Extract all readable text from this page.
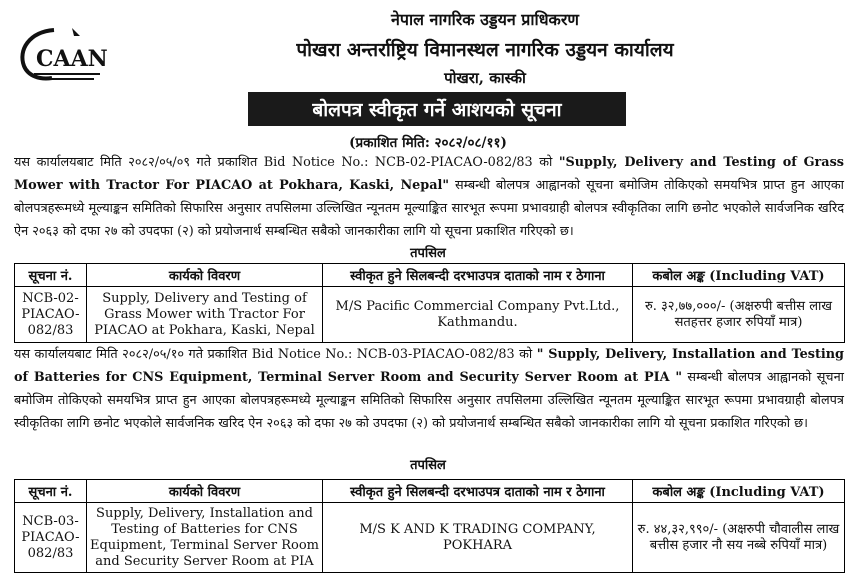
CAAN
नेपाल नागरिक उड्डयन प्राधिकरण
पोखरा अन्तर्राष्ट्रिय विमानस्थल नागरिक उड्डयन कार्यालय
पोखरा, कास्की
बोलपत्र स्वीकृत गर्ने आशयको सूचना
(प्रकाशित मिति: २०८२/०८/११)

यस कार्यालयबाट मिति २०८२/०५/०९ गते प्रकाशित Bid Notice No.: NCB-02-PIACAO-082/83 को "Supply, Delivery and Testing of Grass Mower with Tractor For PIACAO at Pokhara, Kaski, Nepal" सम्बन्धी बोलपत्र आह्वानको सूचना बमोजिम तोकिएको समयभित्र प्राप्त हुन आएका बोलपत्रहरूमध्ये मूल्याङ्कन समितिको सिफारिस अनुसार तपसिलमा उल्लिखित न्यूनतम मूल्याङ्कित सारभूत रूपमा प्रभावग्राही बोलपत्र स्वीकृतिका लागि छनोट भएकोले सार्वजनिक खरिद ऐन २०६३ को दफा २७ को उपदफा (२) को प्रयोजनार्थ सम्बन्धित सबैको जानकारीका लागि यो सूचना प्रकाशित गरिएको छ।

तपसिल
सूचना नं.	कार्यको विवरण	स्वीकृत हुने सिलबन्दी दरभाउपत्र दाताको नाम र ठेगाना	कबोल अङ्क (Including VAT)
NCB-02-PIACAO-082/83	Supply, Delivery and Testing of Grass Mower with Tractor For PIACAO at Pokhara, Kaski, Nepal	M/S Pacific Commercial Company Pvt.Ltd., Kathmandu.	रु. ३२,७७,०००/- (अक्षरुपी बत्तीस लाख सतहत्तर हजार रुपियाँ मात्र)

यस कार्यालयबाट मिति २०८२/०५/१० गते प्रकाशित Bid Notice No.: NCB-03-PIACAO-082/83 को " Supply, Delivery, Installation and Testing of Batteries for CNS Equipment, Terminal Server Room and Security Server Room at PIA " सम्बन्धी बोलपत्र आह्वानको सूचना बमोजिम तोकिएको समयभित्र प्राप्त हुन आएका बोलपत्रहरूमध्ये मूल्याङ्कन समितिको सिफारिस अनुसार तपसिलमा उल्लिखित न्यूनतम मूल्याङ्कित सारभूत रूपमा प्रभावग्राही बोलपत्र स्वीकृतिका लागि छनोट भएकोले सार्वजनिक खरिद ऐन २०६३ को दफा २७ को उपदफा (२) को प्रयोजनार्थ सम्बन्धित सबैको जानकारीका लागि यो सूचना प्रकाशित गरिएको छ।

तपसिल
सूचना नं.	कार्यको विवरण	स्वीकृत हुने सिलबन्दी दरभाउपत्र दाताको नाम र ठेगाना	कबोल अङ्क (Including VAT)
NCB-03-PIACAO-082/83	Supply, Delivery, Installation and Testing of Batteries for CNS Equipment, Terminal Server Room and Security Server Room at PIA	M/S K AND K TRADING COMPANY, POKHARA	रु. ४४,३२,९९०/- (अक्षरुपी चौवालीस लाख बत्तीस हजार नौ सय नब्बे रुपियाँ मात्र)
